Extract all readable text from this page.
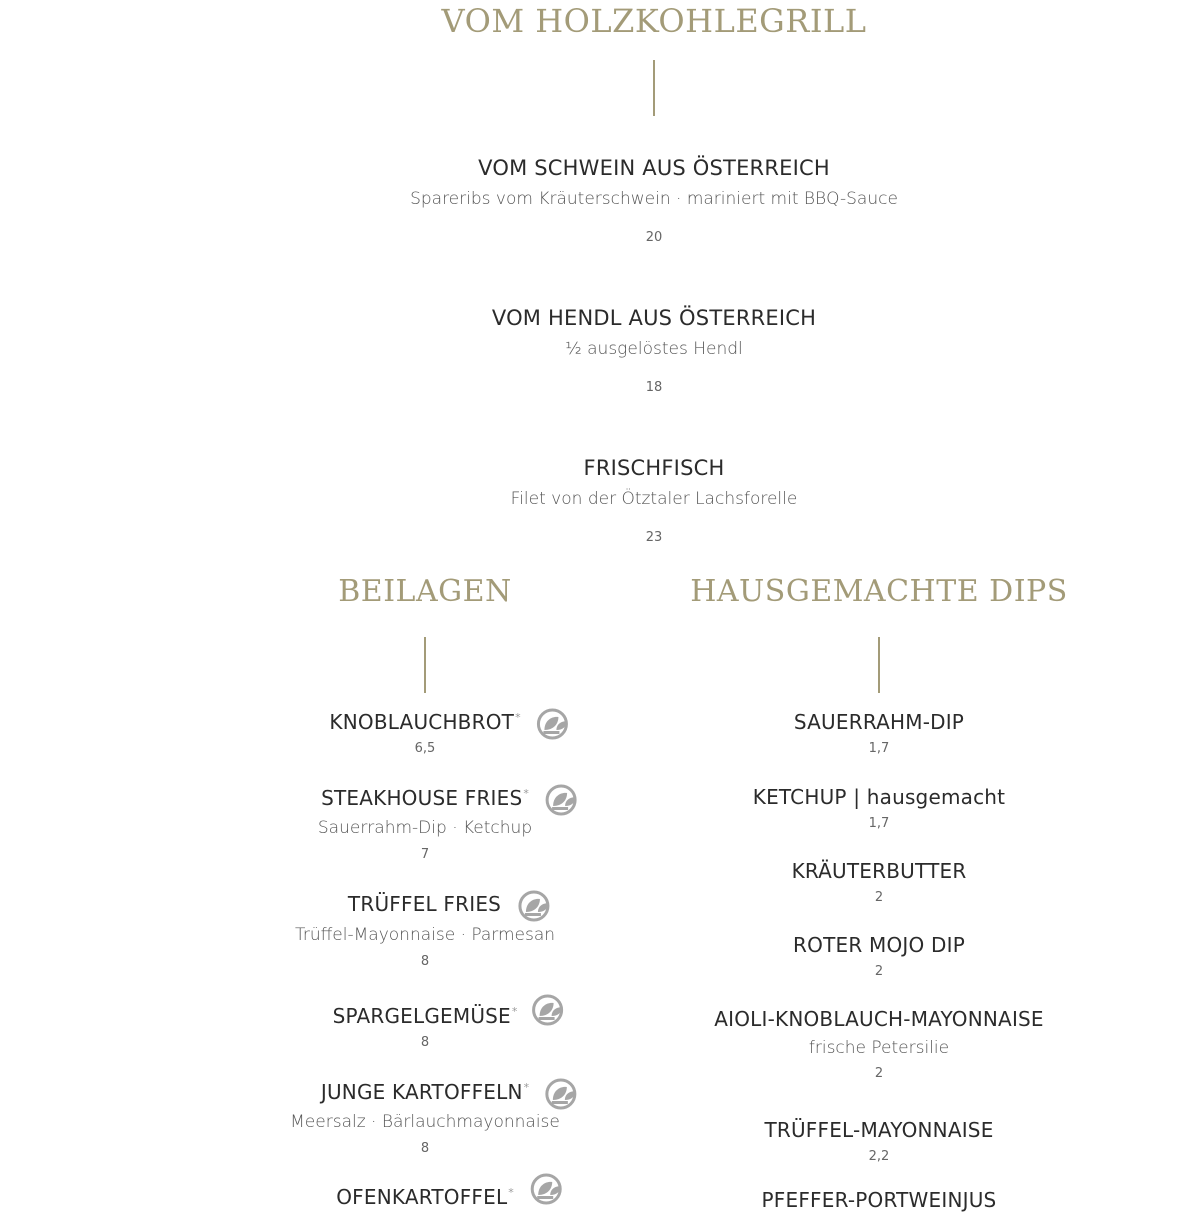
VOM HOLZKOHLEGRILL
VOM SCHWEIN AUS ÖSTERREICH
Spareribs vom Kräuterschwein · mariniert mit BBQ-Sauce
20
VOM HENDL AUS ÖSTERREICH
½ ausgelöstes Hendl
18
FRISCHFISCH
Filet von der Ötztaler Lachsforelle
23
BEILAGEN
KNOBLAUCHBROT*
6,5
STEAKHOUSE FRIES*
Sauerrahm-Dip · Ketchup
7
TRÜFFEL FRIES
Trüffel-Mayonnaise · Parmesan
8
SPARGELGEMÜSE*
8
JUNGE KARTOFFELN*
Meersalz · Bärlauchmayonnaise
8
OFENKARTOFFEL*
HAUSGEMACHTE DIPS
SAUERRAHM-DIP
1,7
KETCHUP | hausgemacht
1,7
KRÄUTERBUTTER
2
ROTER MOJO DIP
2
AIOLI-KNOBLAUCH-MAYONNAISE
frische Petersilie
2
TRÜFFEL-MAYONNAISE
2,2
PFEFFER-PORTWEINJUS
